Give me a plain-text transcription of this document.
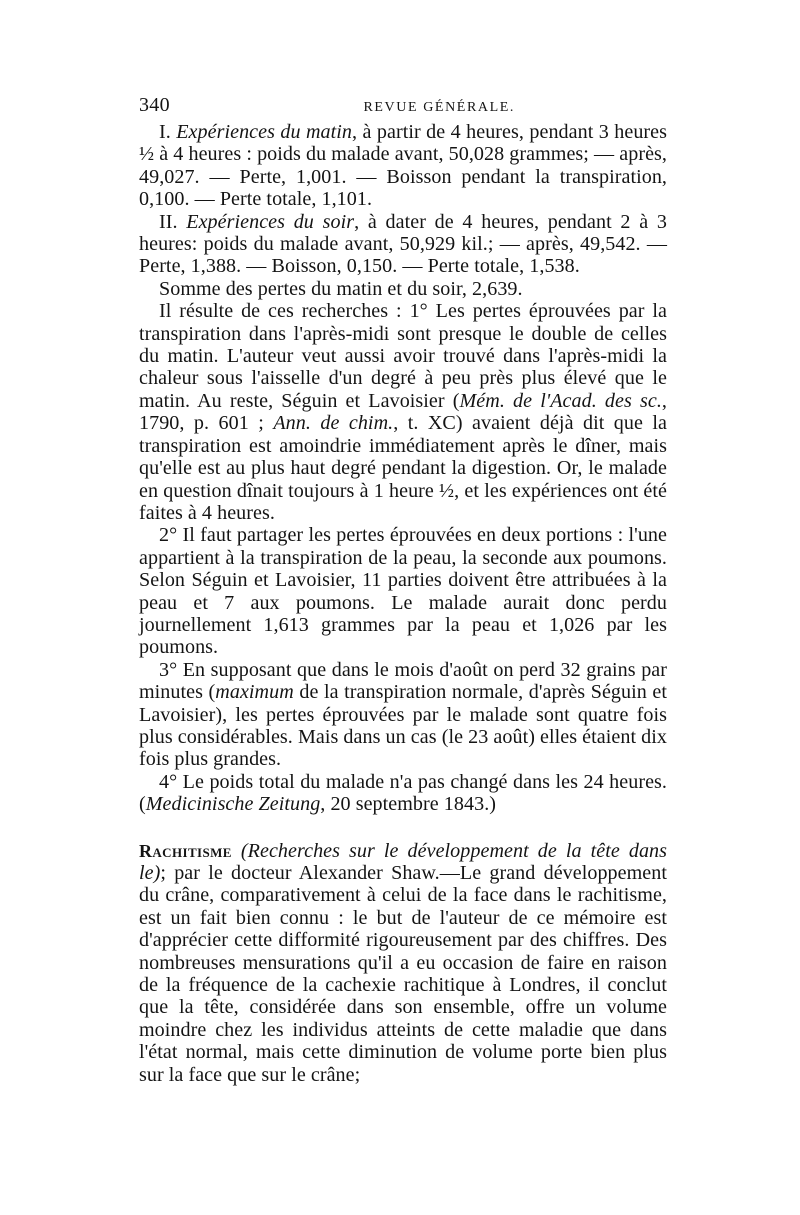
340	REVUE GÉNÉRALE.

I. Expériences du matin, à partir de 4 heures, pendant 3 heures ½ à 4 heures : poids du malade avant, 50,028 grammes; — après, 49,027. — Perte, 1,001. — Boisson pendant la transpiration, 0,100. — Perte totale, 1,101.

II. Expériences du soir, à dater de 4 heures, pendant 2 à 3 heures: poids du malade avant, 50,929 kil.; — après, 49,542. — Perte, 1,388. — Boisson, 0,150. — Perte totale, 1,538.

Somme des pertes du matin et du soir, 2,639.

Il résulte de ces recherches : 1° Les pertes éprouvées par la transpiration dans l'après-midi sont presque le double de celles du matin. L'auteur veut aussi avoir trouvé dans l'après-midi la chaleur sous l'aisselle d'un degré à peu près plus élevé que le matin. Au reste, Séguin et Lavoisier (Mém. de l'Acad. des sc., 1790, p. 601 ; Ann. de chim., t. XC) avaient déjà dit que la transpiration est amoindrie immédiatement après le dîner, mais qu'elle est au plus haut degré pendant la digestion. Or, le malade en question dînait toujours à 1 heure ½, et les expériences ont été faites à 4 heures.

2° Il faut partager les pertes éprouvées en deux portions : l'une appartient à la transpiration de la peau, la seconde aux poumons. Selon Séguin et Lavoisier, 11 parties doivent être attribuées à la peau et 7 aux poumons. Le malade aurait donc perdu journellement 1,613 grammes par la peau et 1,026 par les poumons.

3° En supposant que dans le mois d'août on perd 32 grains par minutes (maximum de la transpiration normale, d'après Séguin et Lavoisier), les pertes éprouvées par le malade sont quatre fois plus considérables. Mais dans un cas (le 23 août) elles étaient dix fois plus grandes.

4° Le poids total du malade n'a pas changé dans les 24 heures. (Medicinische Zeitung, 20 septembre 1843.)

Rachitisme (Recherches sur le développement de la tête dans le); par le docteur Alexander Shaw.—Le grand développement du crâne, comparativement à celui de la face dans le rachitisme, est un fait bien connu : le but de l'auteur de ce mémoire est d'apprécier cette difformité rigoureusement par des chiffres. Des nombreuses mensurations qu'il a eu occasion de faire en raison de la fréquence de la cachexie rachitique à Londres, il conclut que la tête, considérée dans son ensemble, offre un volume moindre chez les individus atteints de cette maladie que dans l'état normal, mais cette diminution de volume porte bien plus sur la face que sur le crâne;
